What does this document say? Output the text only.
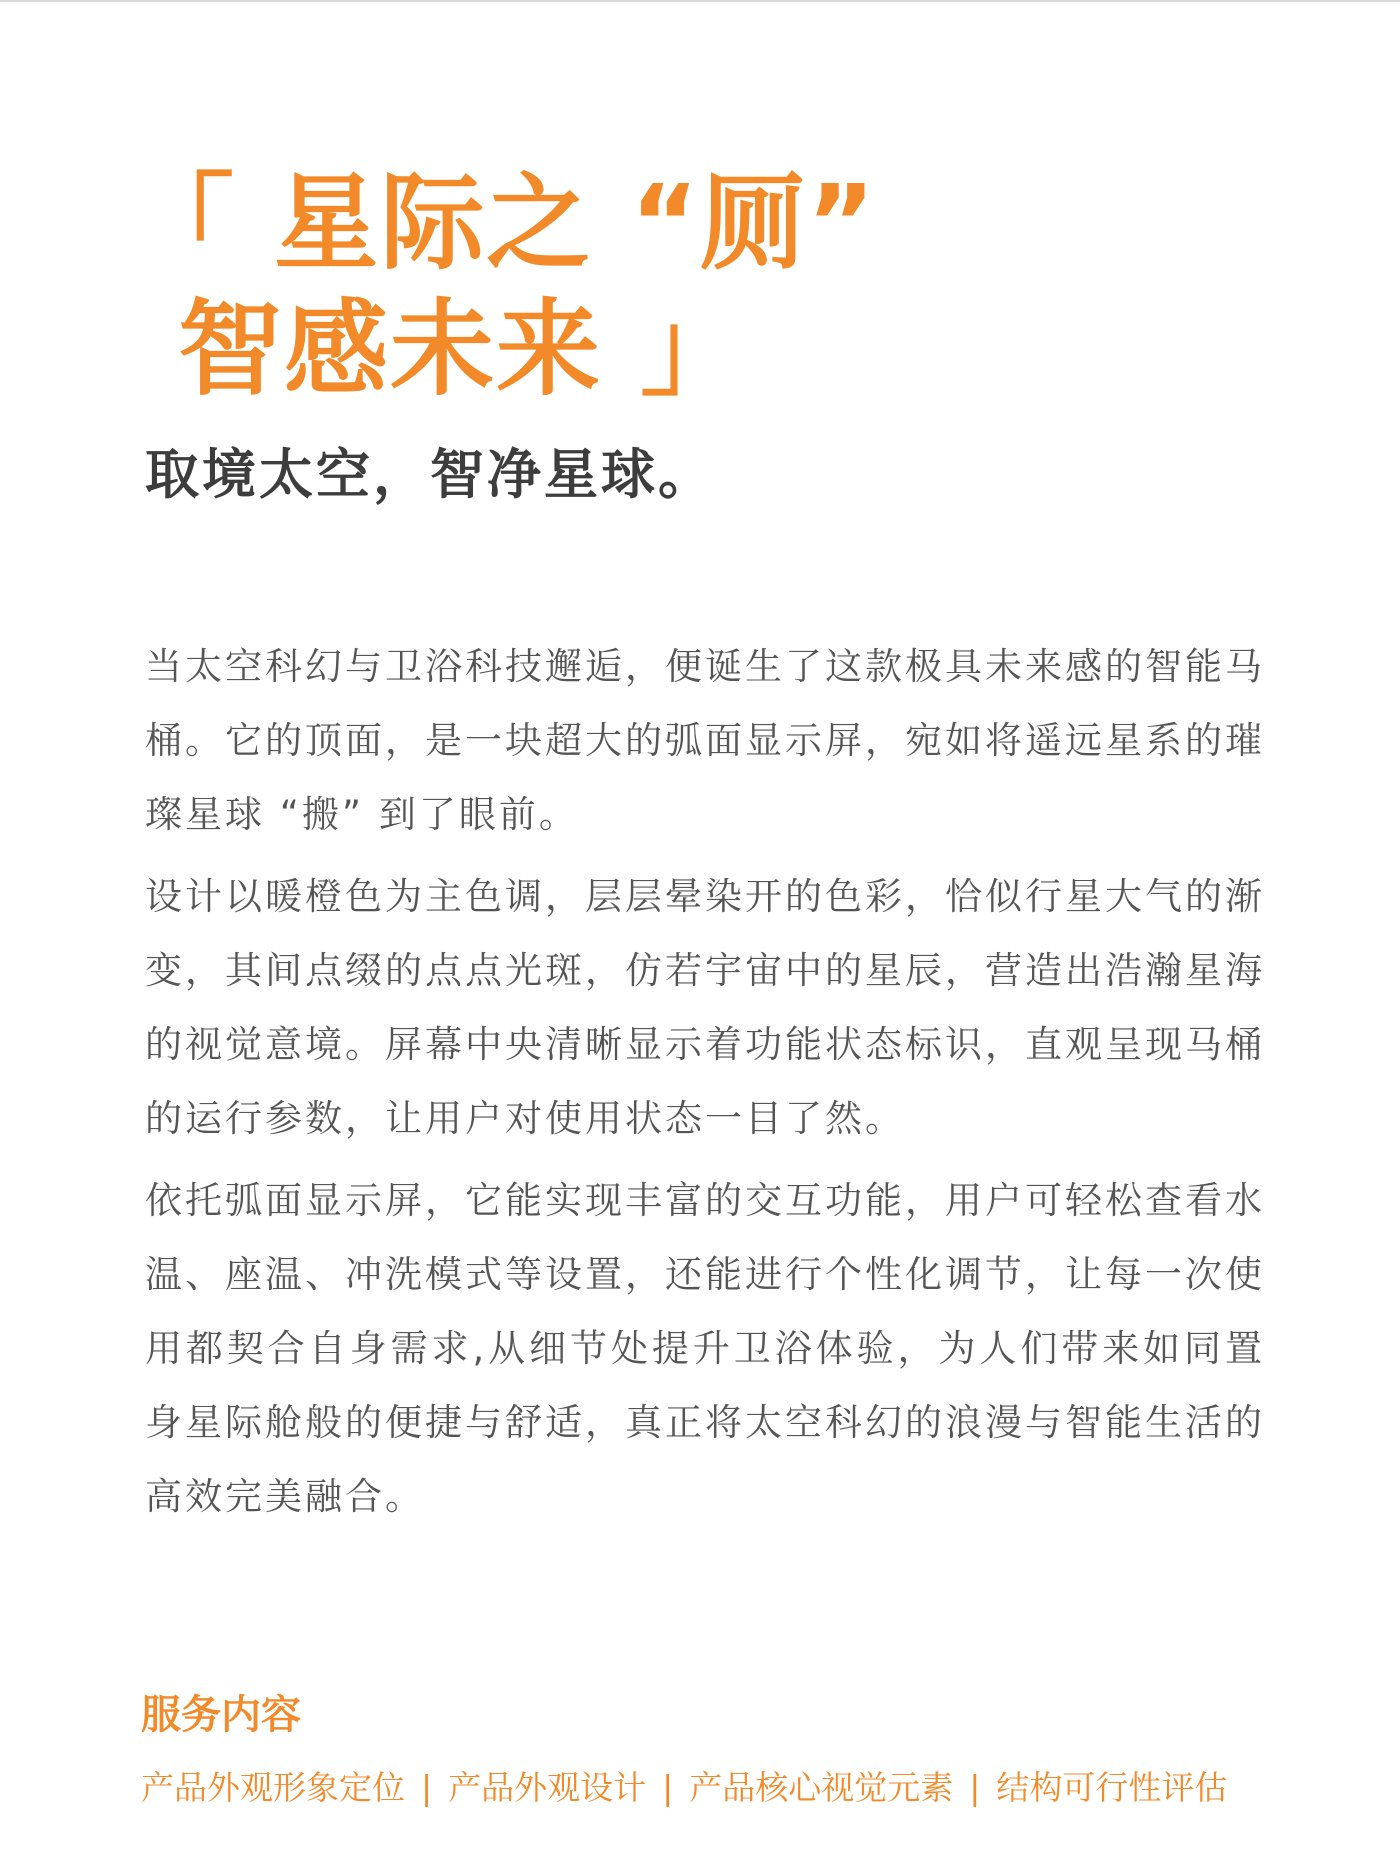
「 星际之 “厕”
智感未来 」
取境太空，智净星球。

当太空科幻与卫浴科技邂逅，便诞生了这款极具未来感的智能马桶。它的顶面，是一块超大的弧面显示屏，宛如将遥远星系的璀璨星球 “搬” 到了眼前。

设计以暖橙色为主色调，层层晕染开的色彩，恰似行星大气的渐变，其间点缀的点点光斑，仿若宇宙中的星辰，营造出浩瀚星海的视觉意境。屏幕中央清晰显示着功能状态标识，直观呈现马桶的运行参数，让用户对使用状态一目了然。

依托弧面显示屏，它能实现丰富的交互功能，用户可轻松查看水温、座温、冲洗模式等设置，还能进行个性化调节，让每一次使用都契合自身需求,从细节处提升卫浴体验，为人们带来如同置身星际舱般的便捷与舒适，真正将太空科幻的浪漫与智能生活的高效完美融合。

服务内容
产品外观形象定位 | 产品外观设计 | 产品核心视觉元素 | 结构可行性评估
